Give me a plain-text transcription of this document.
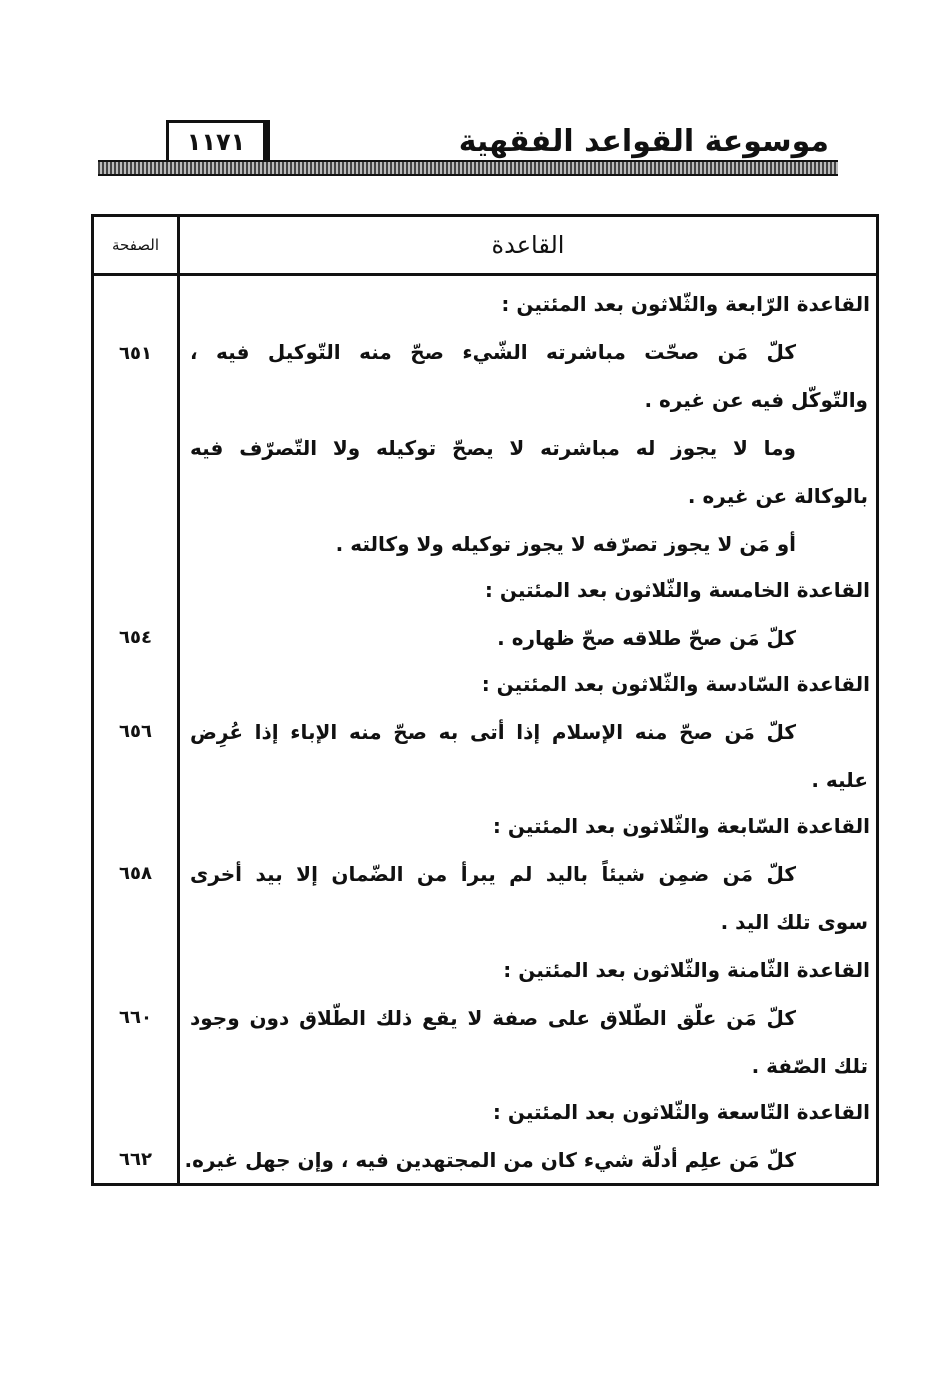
موسوعة القواعد الفقهية
١١٧١
القاعدة
الصفحة
القاعدة الرّابعة والثّلاثون بعد المئتين :
كلّ مَن صحّت مباشرته الشّيء صحّ منه التّوكيل فيه ،
والتّوكّل فيه عن غيره .
وما لا يجوز له مباشرته لا يصحّ توكيله ولا التّصرّف فيه
بالوكالة عن غيره .
أو مَن لا يجوز تصرّفه لا يجوز توكيله ولا وكالته .
القاعدة الخامسة والثّلاثون بعد المئتين :
كلّ مَن صحّ طلاقه صحّ ظهاره .
القاعدة السّادسة والثّلاثون بعد المئتين :
كلّ مَن صحّ منه الإسلام إذا أتى به صحّ منه الإباء إذا عُرِض
عليه .
القاعدة السّابعة والثّلاثون بعد المئتين :
كلّ مَن ضمِن شيئاً باليد لم يبرأ من الضّمان إلا بيد أخرى
سوى تلك اليد .
القاعدة الثّامنة والثّلاثون بعد المئتين :
كلّ مَن علّق الطّلاق على صفة لا يقع ذلك الطّلاق دون وجود
تلك الصّفة .
القاعدة التّاسعة والثّلاثون بعد المئتين :
كلّ مَن علِم أدلّة شيء كان من المجتهدين فيه ، وإن جهل غيره.
٦٥١
٦٥٤
٦٥٦
٦٥٨
٦٦٠
٦٦٢
